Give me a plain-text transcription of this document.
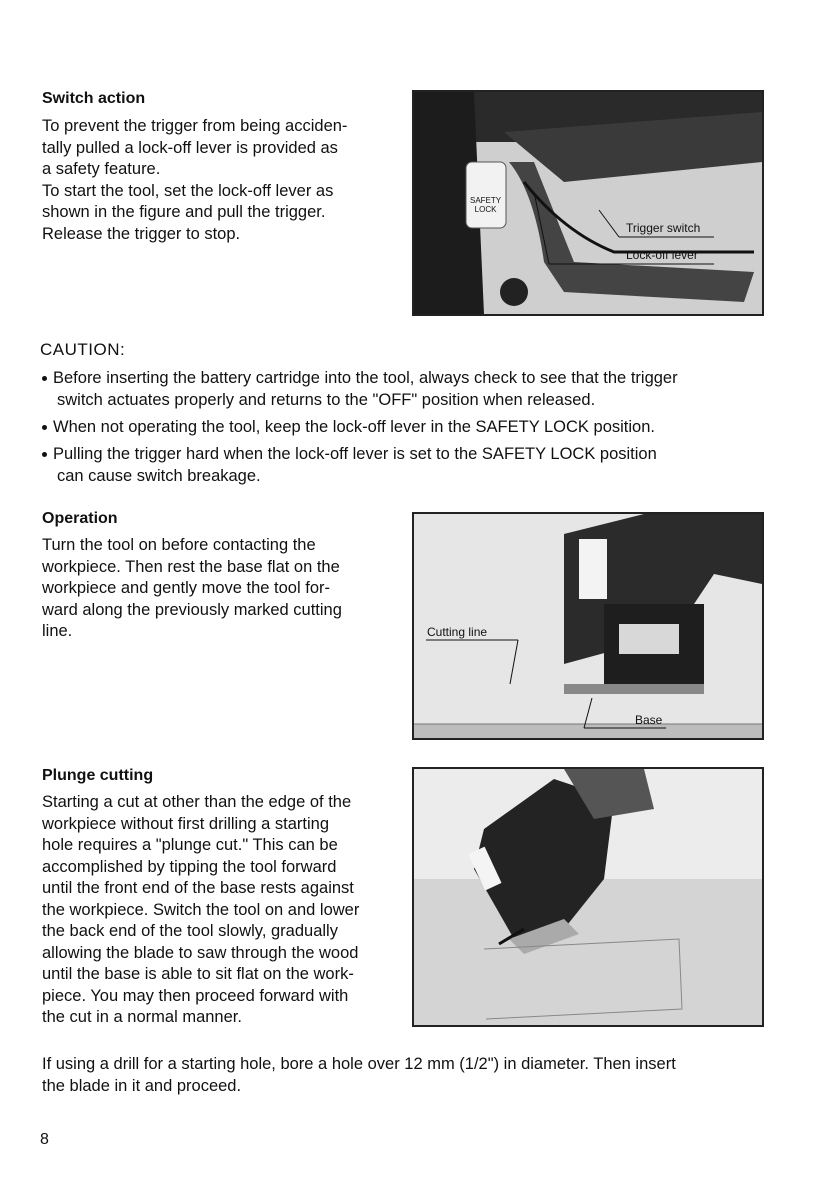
Switch action
To prevent the trigger from being acciden-
tally pulled a lock-off lever is provided as
a safety feature.
To start the tool, set the lock-off lever as
shown in the figure and pull the trigger.
Release the trigger to stop.
SAFETY
LOCK
Trigger switch
Lock-off lever
CAUTION:
Before inserting the battery cartridge into the tool, always check to see that the trigger
switch actuates properly and returns to the "OFF" position when released.
When not operating the tool, keep the lock-off lever in the SAFETY LOCK position.
Pulling the trigger hard when the lock-off lever is set to the SAFETY LOCK position
can cause switch breakage.
Operation
Turn the tool on before contacting the
workpiece. Then rest the base flat on the
workpiece and gently move the tool for-
ward along the previously marked cutting
line.	Cutting line
Base
Plunge cutting
Starting a cut at other than the edge of the
workpiece without first drilling a starting
hole requires a "plunge cut." This can be
accomplished by tipping the tool forward
until the front end of the base rests against
the workpiece. Switch the tool on and lower
the back end of the tool slowly, gradually
allowing the blade to saw through the wood
until the base is able to sit flat on the work-
piece. You may then proceed forward with
the cut in a normal manner.
If using a drill for a starting hole, bore a hole over 12 mm (1/2") in diameter. Then insert
the blade in it and proceed.
8
